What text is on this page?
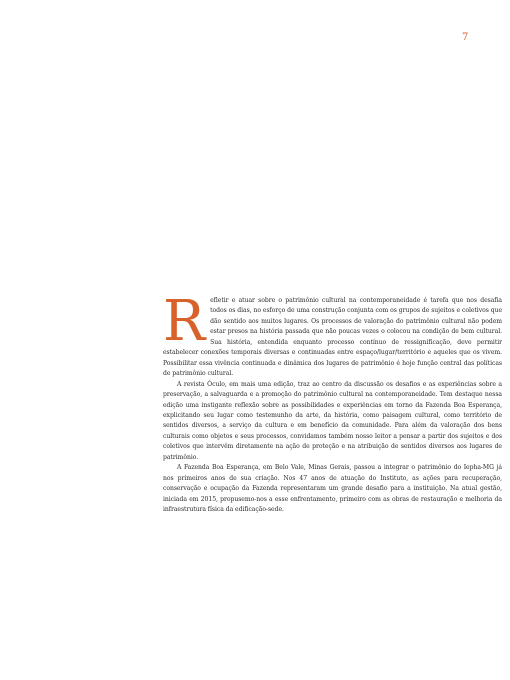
7

Refletir e atuar sobre o patrimônio cultural na contemporaneidade é tarefa que nos desafia todos os dias, no esforço de uma construção conjunta com os grupos de sujeitos e coletivos que dão sentido aos muitos lugares. Os processos de valoração do patrimônio cultural não podem estar presos na história passada que não poucas vezes o colocou na condição de bem cultural. Sua história, entendida enquanto processo contínuo de ressignificação, deve permitir estabelecer conexões temporais diversas e continuadas entre espaço/lugar/território e aqueles que os vivem. Possibilitar essa vivência continuada e dinâmica dos lugares de patrimônio é hoje função central das políticas de patrimônio cultural.

A revista Óculo, em mais uma edição, traz ao centro da discussão os desafios e as experiências sobre a preservação, a salvaguarda e a promoção do patrimônio cultural na contemporaneidade. Tem destaque nessa edição uma instigante reflexão sobre as possibilidades e experiências em torno da Fazenda Boa Esperança, explicitando seu lugar como testemunho da arte, da história, como paisagem cultural, como território de sentidos diversos, a serviço da cultura e em benefício da comunidade. Para além da valoração dos bens culturais como objetos e seus processos, convidamos também nosso leitor a pensar a partir dos sujeitos e dos coletivos que intervêm diretamente na ação de proteção e na atribuição de sentidos diversos aos lugares de patrimônio.

A Fazenda Boa Esperança, em Belo Vale, Minas Gerais, passou a integrar o patrimônio do Iepha-MG já nos primeiros anos de sua criação. Nos 47 anos de atuação do Instituto, as ações para recuperação, conservação e ocupação da Fazenda representaram um grande desafio para a instituição. Na atual gestão, iniciada em 2015, propusemo-nos a esse enfrentamento, primeiro com as obras de restauração e melhoria da infraestrutura física da edificação-sede.
